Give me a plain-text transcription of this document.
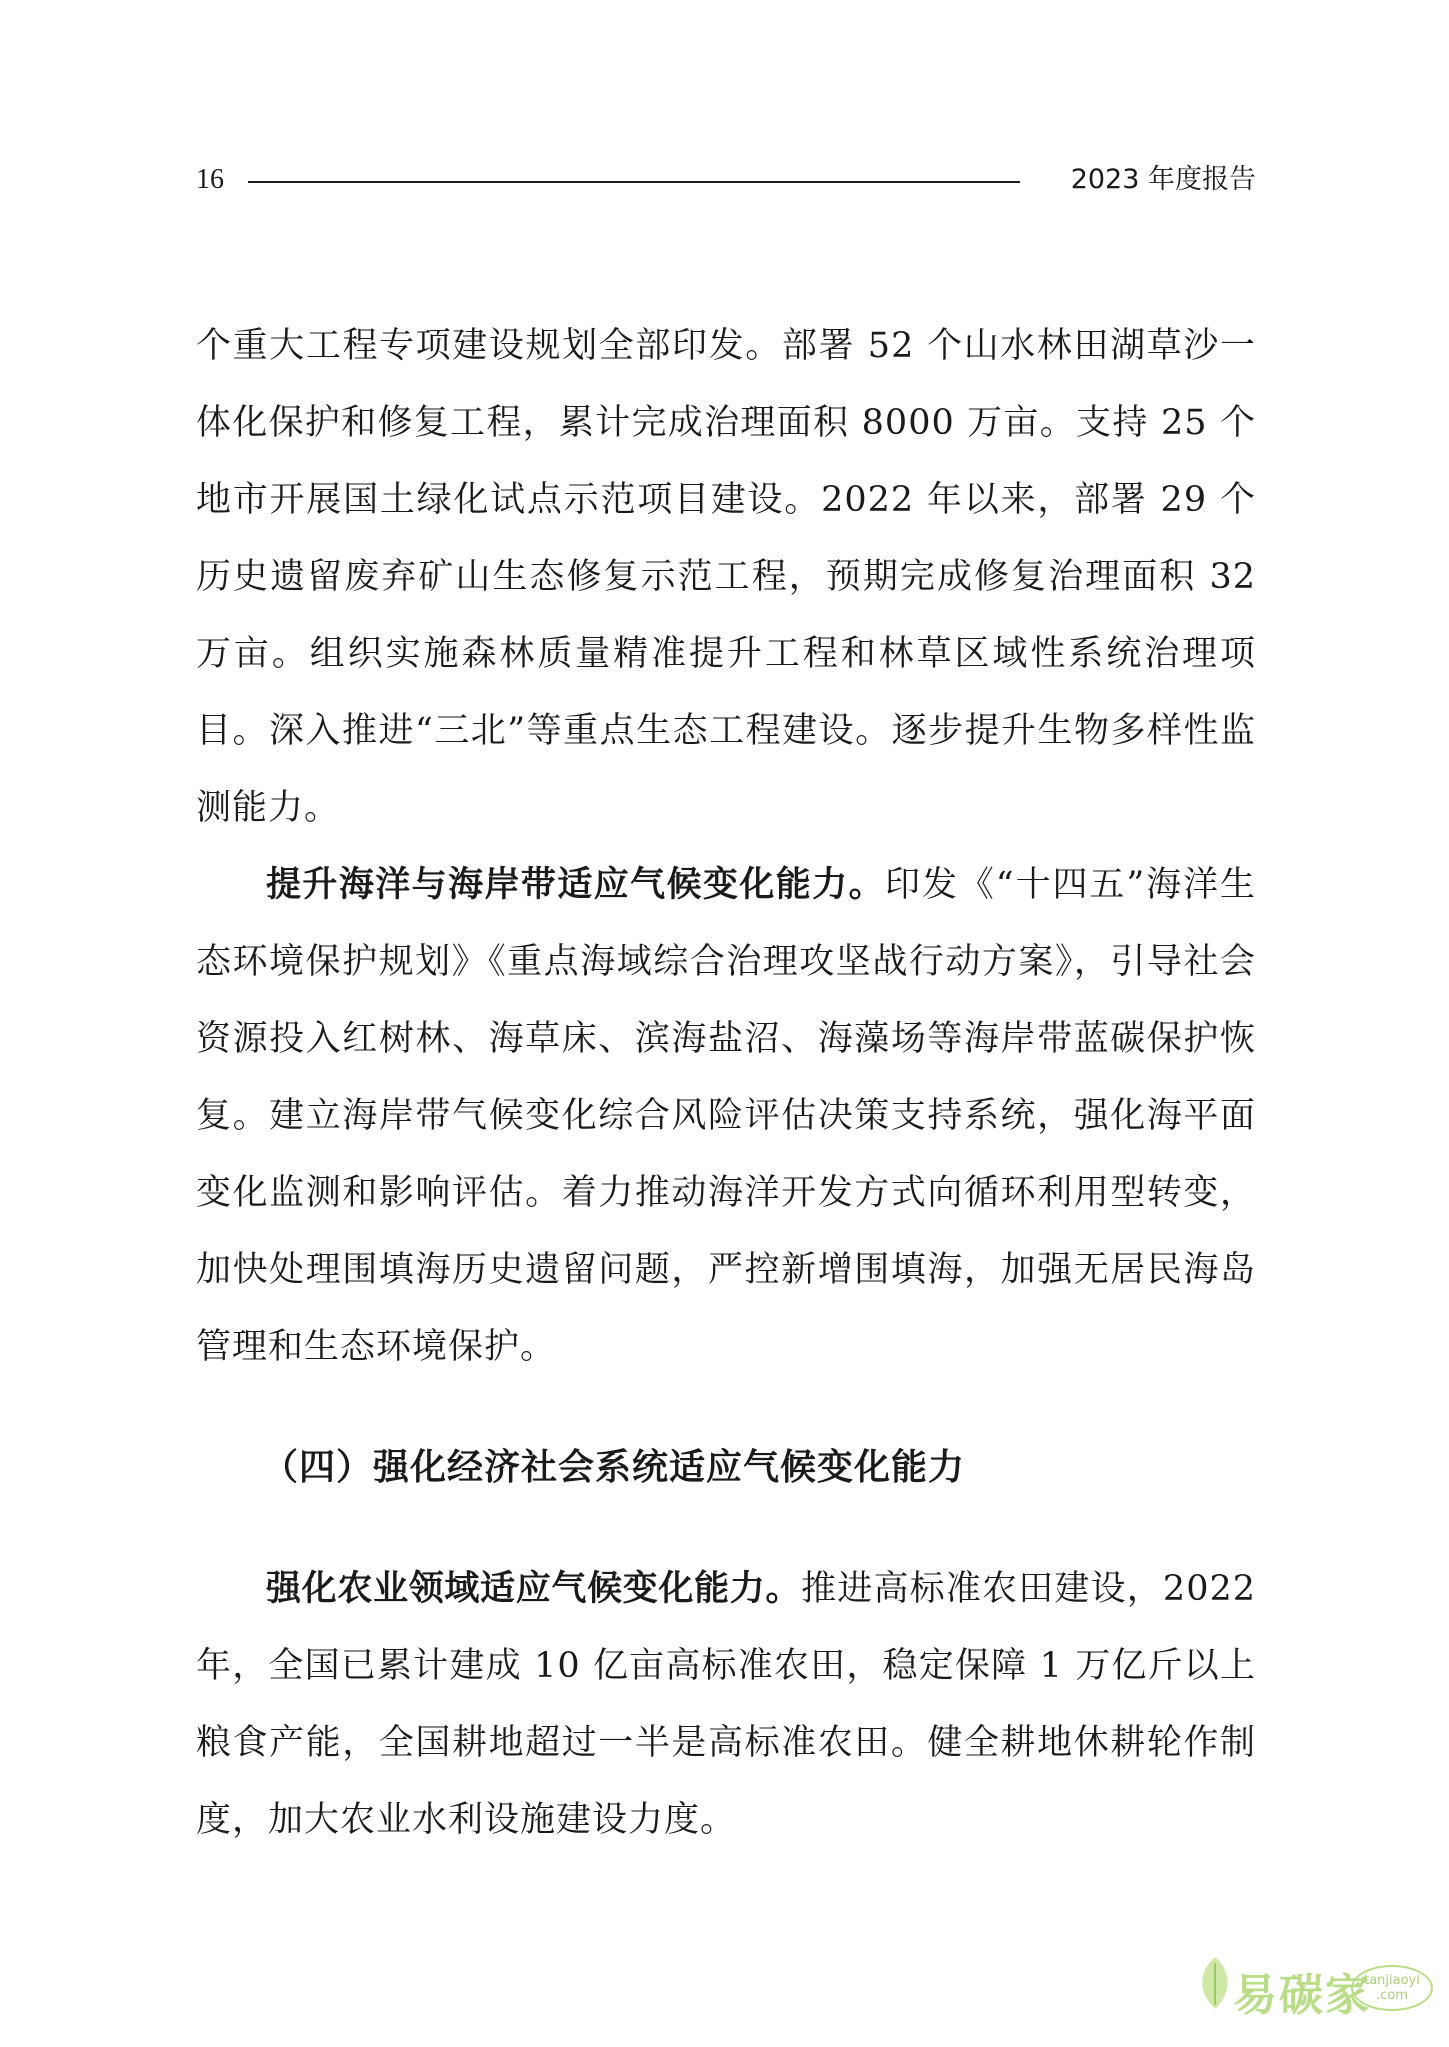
16	2023 年度报告

个重大工程专项建设规划全部印发。部署 52 个山水林田湖草沙一体化保护和修复工程，累计完成治理面积 8000 万亩。支持 25 个地市开展国土绿化试点示范项目建设。2022 年以来，部署 29 个历史遗留废弃矿山生态修复示范工程，预期完成修复治理面积 32 万亩。组织实施森林质量精准提升工程和林草区域性系统治理项目。深入推进“三北”等重点生态工程建设。逐步提升生物多样性监测能力。

提升海洋与海岸带适应气候变化能力。印发《“十四五”海洋生态环境保护规划》《重点海域综合治理攻坚战行动方案》，引导社会资源投入红树林、海草床、滨海盐沼、海藻场等海岸带蓝碳保护恢复。建立海岸带气候变化综合风险评估决策支持系统，强化海平面变化监测和影响评估。着力推动海洋开发方式向循环利用型转变，加快处理围填海历史遗留问题，严控新增围填海，加强无居民海岛管理和生态环境保护。

（四）强化经济社会系统适应气候变化能力

强化农业领域适应气候变化能力。推进高标准农田建设，2022 年，全国已累计建成 10 亿亩高标准农田，稳定保障 1 万亿斤以上粮食产能，全国耕地超过一半是高标准农田。健全耕地休耕轮作制度，加大农业水利设施建设力度。

易碳家
tanjiaoyi
.com
